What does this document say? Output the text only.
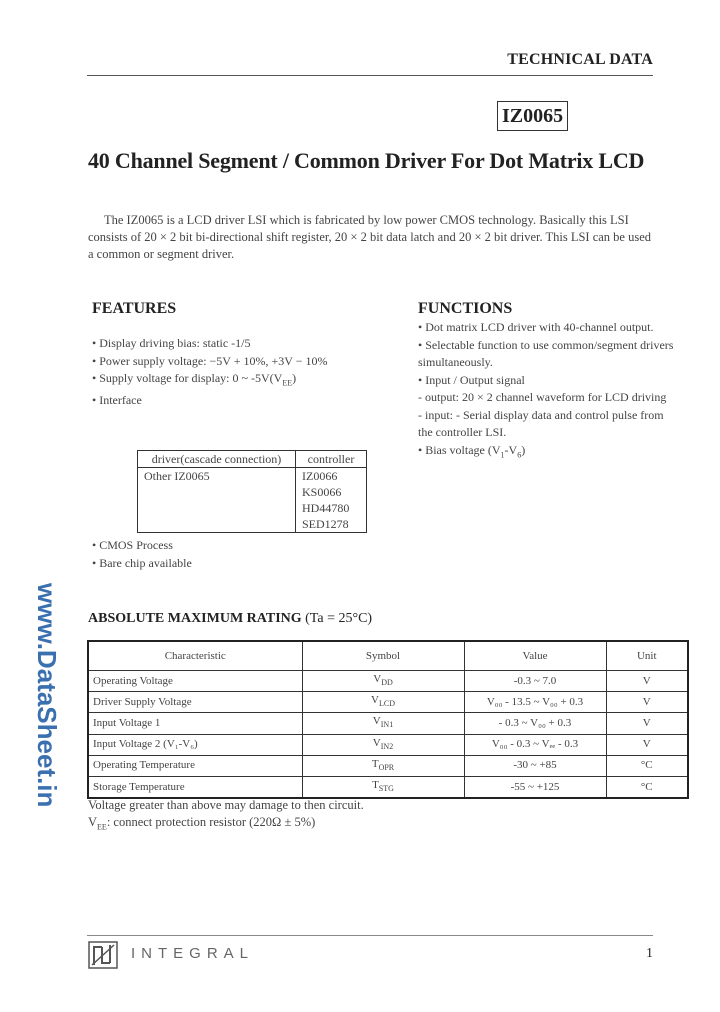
TECHNICAL DATA
IZ0065
40 Channel Segment / Common Driver For Dot Matrix LCD
The IZ0065 is a LCD driver LSI which is fabricated by low power CMOS technology. Basically this LSI consists of 20 × 2 bit bi-directional shift register, 20 × 2 bit data latch and 20 × 2 bit driver. This LSI can be used a common or segment driver.
FEATURES
• Display driving bias: static -1/5
• Power supply voltage: −5V + 10%, +3V − 10%
• Supply voltage for display: 0 ~ $-5V(V_{EE})$
• Interface
driver(cascade connection)	controller
Other IZ0065	IZ0066
	KS0066
	HD44780
	SED1278
• CMOS Process
• Bare chip available
FUNCTIONS
• Dot matrix LCD driver with 40-channel output.
• Selectable function to use common/segment drivers simultaneously.
• Input / Output signal
- output: 20 × 2 channel waveform for LCD driving
- input: - Serial display data and control pulse from the controller LSI.
• Bias voltage $(V_1-V_6)$
ABSOLUTE MAXIMUM RATING (Ta = 25°C)
Characteristic	Symbol	Value	Unit
Operating Voltage	$V_{DD}$	-0.3 ~ 7.0	V
Driver Supply Voltage	$V_{LCD}$	V₀₀ - 13.5 ~ V₀₀ + 0.3	V
Input Voltage 1	$V_{IN1}$	- 0.3 ~ V₀₀ + 0.3	V
Input Voltage 2 (V₁-V₆)	$V_{IN2}$	V₀₀ - 0.3 ~ Vₑₑ - 0.3	V
Operating Temperature	$T_{OPR}$	-30 ~ +85	°C
Storage Temperature	$T_{STG}$	-55 ~ +125	°C
Voltage greater than above may damage to then circuit.
$V_{EE}$: connect protection resistor (220Ω ± 5%)
www.DataSheet.in
INTEGRAL	1
